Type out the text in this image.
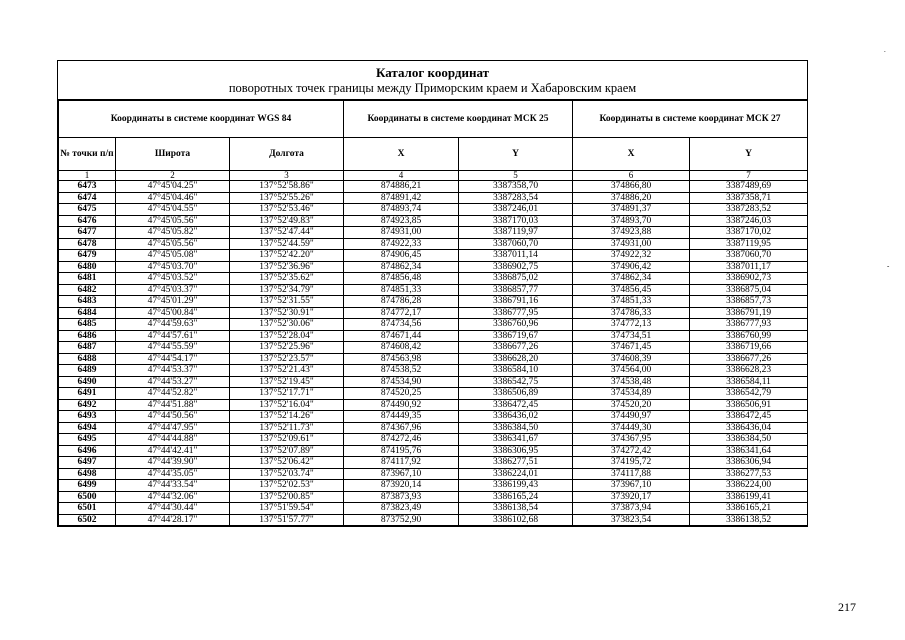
Каталог координат
поворотных точек границы между Приморским краем и Хабаровским краем
Координаты в системе координат WGS 84			Координаты в системе координат МСК 25		Координаты в системе координат МСК 27	
№ точки п/п	Широта	Долгота	X	Y	X	Y
1	2	3	4	5	6	7
6473	47°45'04.25"	137°52'58.86"	874886,21	3387358,70	374866,80	3387489,69
6474	47°45'04.46"	137°52'55.26"	874891,42	3387283,54	374886,20	3387358,71
6475	47°45'04.55"	137°52'53.46"	874893,74	3387246,01	374891,37	3387283,52
6476	47°45'05.56"	137°52'49.83"	874923,85	3387170,03	374893,70	3387246,03
6477	47°45'05.82"	137°52'47.44"	874931,00	3387119,97	374923,88	3387170,02
6478	47°45'05.56"	137°52'44.59"	874922,33	3387060,70	374931,00	3387119,95
6479	47°45'05.08"	137°52'42.20"	874906,45	3387011,14	374922,32	3387060,70
6480	47°45'03.70"	137°52'36.96"	874862,34	3386902,75	374906,42	3387011,17
6481	47°45'03.52"	137°52'35.62"	874856,48	3386875,02	374862,34	3386902,73
6482	47°45'03.37"	137°52'34.79"	874851,33	3386857,77	374856,45	3386875,04
6483	47°45'01.29"	137°52'31.55"	874786,28	3386791,16	374851,33	3386857,73
6484	47°45'00.84"	137°52'30.91"	874772,17	3386777,95	374786,33	3386791,19
6485	47°44'59.63"	137°52'30.06"	874734,56	3386760,96	374772,13	3386777,93
6486	47°44'57.61"	137°52'28.04"	874671,44	3386719,67	374734,51	3386760,99
6487	47°44'55.59"	137°52'25.96"	874608,42	3386677,26	374671,45	3386719,66
6488	47°44'54.17"	137°52'23.57"	874563,98	3386628,20	374608,39	3386677,26
6489	47°44'53.37"	137°52'21.43"	874538,52	3386584,10	374564,00	3386628,23
6490	47°44'53.27"	137°52'19.45"	874534,90	3386542,75	374538,48	3386584,11
6491	47°44'52.82"	137°52'17.71"	874520,25	3386506,89	374534,89	3386542,79
6492	47°44'51.88"	137°52'16.04"	874490,92	3386472,45	374520,20	3386506,91
6493	47°44'50.56"	137°52'14.26"	874449,35	3386436,02	374490,97	3386472,45
6494	47°44'47.95"	137°52'11.73"	874367,96	3386384,50	374449,30	3386436,04
6495	47°44'44.88"	137°52'09.61"	874272,46	3386341,67	374367,95	3386384,50
6496	47°44'42.41"	137°52'07.89"	874195,76	3386306,95	374272,42	3386341,64
6497	47°44'39.90"	137°52'06.42"	874117,92	3386277,51	374195,72	3386306,94
6498	47°44'35.05"	137°52'03.74"	873967,10	3386224,01	374117,88	3386277,53
6499	47°44'33.54"	137°52'02.53"	873920,14	3386199,43	373967,10	3386224,00
6500	47°44'32.06"	137°52'00.85"	873873,93	3386165,24	373920,17	3386199,41
6501	47°44'30.44"	137°51'59.54"	873823,49	3386138,54	373873,94	3386165,21
6502	47°44'28.17"	137°51'57.77"	873752,90	3386102,68	373823,54	3386138,52
217
.
-
